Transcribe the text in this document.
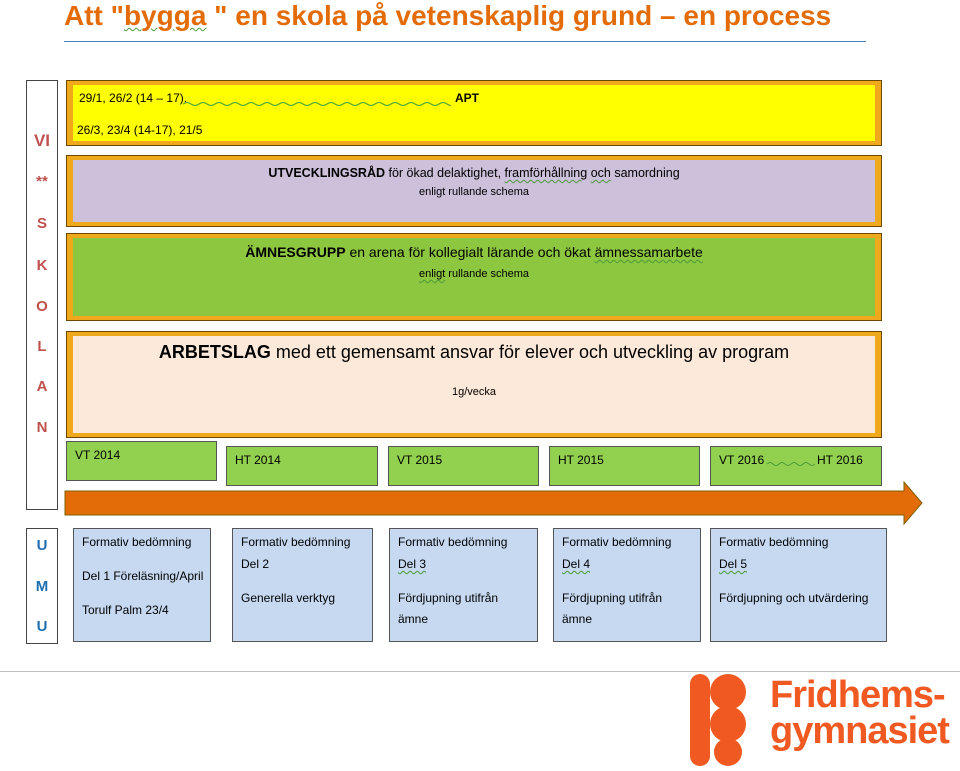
Att "bygga " en skola på vetenskaplig grund – en process
VI
**
S
K
O
L
A
N
29/1, 26/2 (14 – 17),	APT
26/3, 23/4 (14-17), 21/5
UTVECKLINGSRÅD för ökad delaktighet, framförhållning och samordning
enligt rullande schema
ÄMNESGRUPP en arena för kollegialt lärande och ökat ämnessamarbete
enligt rullande schema
ARBETSLAG med ett gemensamt ansvar för elever och utveckling av program
1g/vecka
VT 2014	HT 2014	VT 2015	HT 2015	VT 2016	HT 2016
U
M
U
Formativ bedömning
Del 1 Föreläsning/April
Torulf Palm 23/4
Formativ bedömning
Del 2
Generella verktyg
Formativ bedömning
Del 3
Fördjupning utifrån
ämne
Formativ bedömning
Del 4
Fördjupning utifrån
ämne
Formativ bedömning
Del 5
Fördjupning och utvärdering
Fridhems-
gymnasiet
